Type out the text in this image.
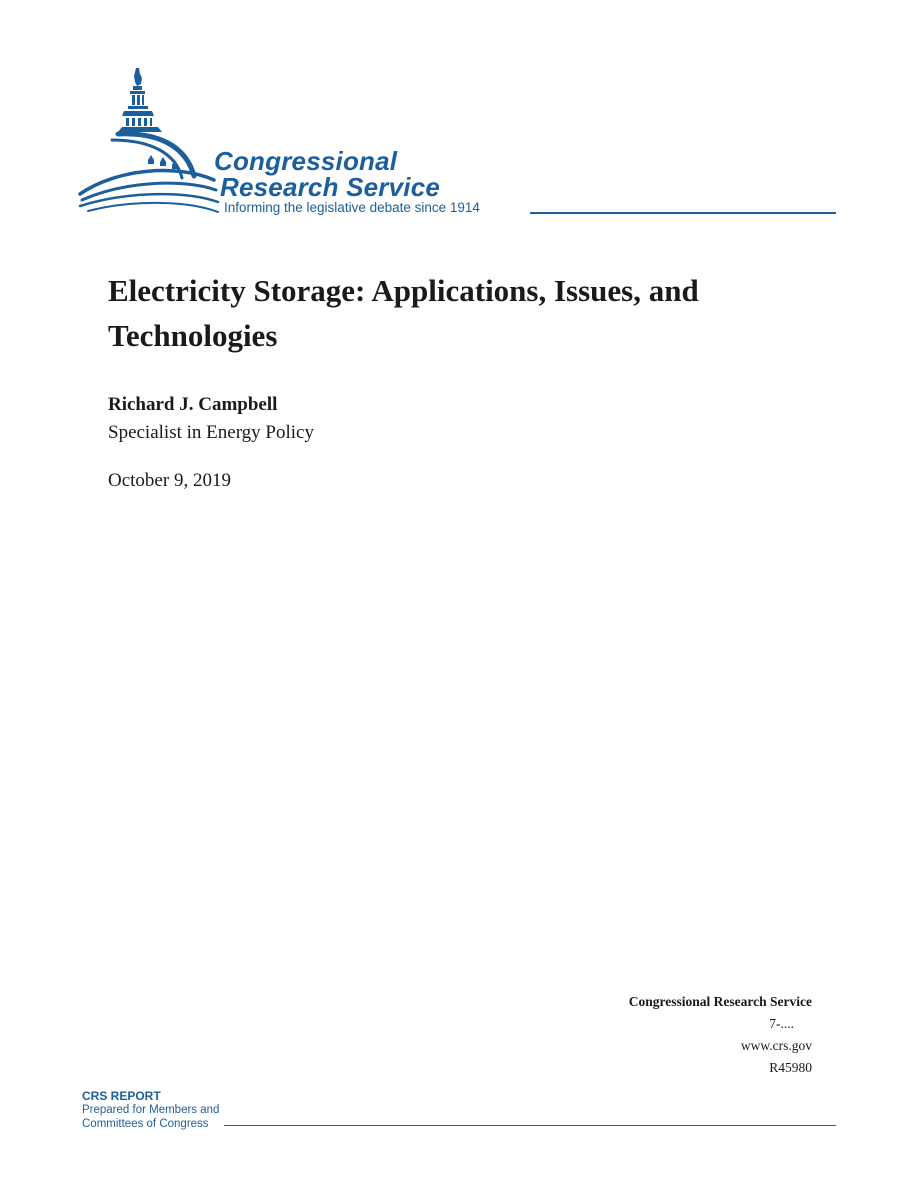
Congressional
Research Service
Informing the legislative debate since 1914
Electricity Storage: Applications, Issues, and Technologies
Richard J. Campbell
Specialist in Energy Policy
October 9, 2019
Congressional Research Service
7-....
www.crs.gov
R45980
CRS REPORT
Prepared for Members and
Committees of Congress
